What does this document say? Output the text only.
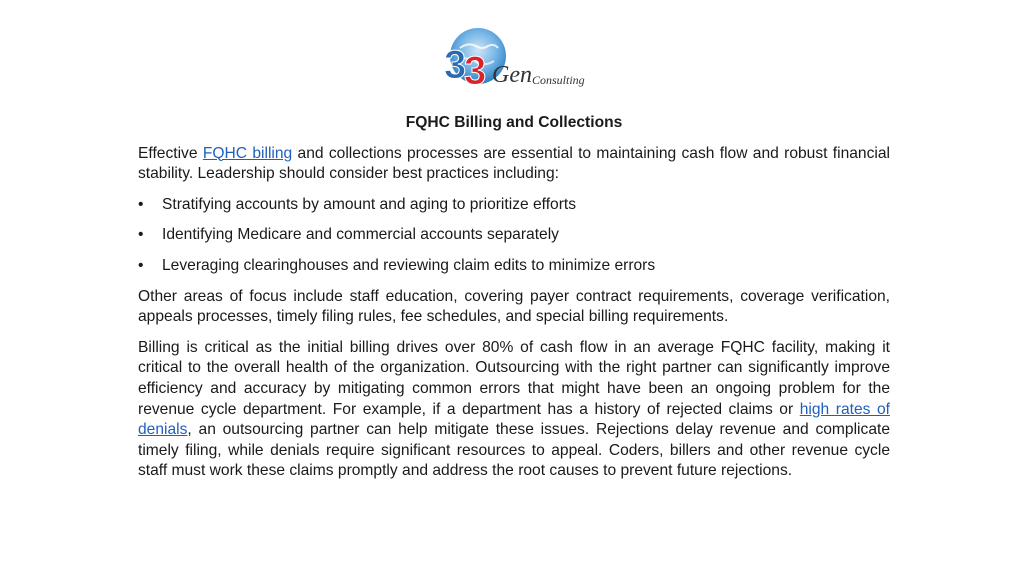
3
3 Gen Consulting
FQHC Billing and Collections

Effective FQHC billing and collections processes are essential to maintaining cash flow and robust financial stability. Leadership should consider best practices including:

• Stratifying accounts by amount and aging to prioritize efforts
• Identifying Medicare and commercial accounts separately
• Leveraging clearinghouses and reviewing claim edits to minimize errors

Other areas of focus include staff education, covering payer contract requirements, coverage verification, appeals processes, timely filing rules, fee schedules, and special billing requirements.

Billing is critical as the initial billing drives over 80% of cash flow in an average FQHC facility, making it critical to the overall health of the organization. Outsourcing with the right partner can significantly improve efficiency and accuracy by mitigating common errors that might have been an ongoing problem for the revenue cycle department. For example, if a department has a history of rejected claims or high rates of denials, an outsourcing partner can help mitigate these issues. Rejections delay revenue and complicate timely filing, while denials require significant resources to appeal. Coders, billers and other revenue cycle staff must work these claims promptly and address the root causes to prevent future rejections.
